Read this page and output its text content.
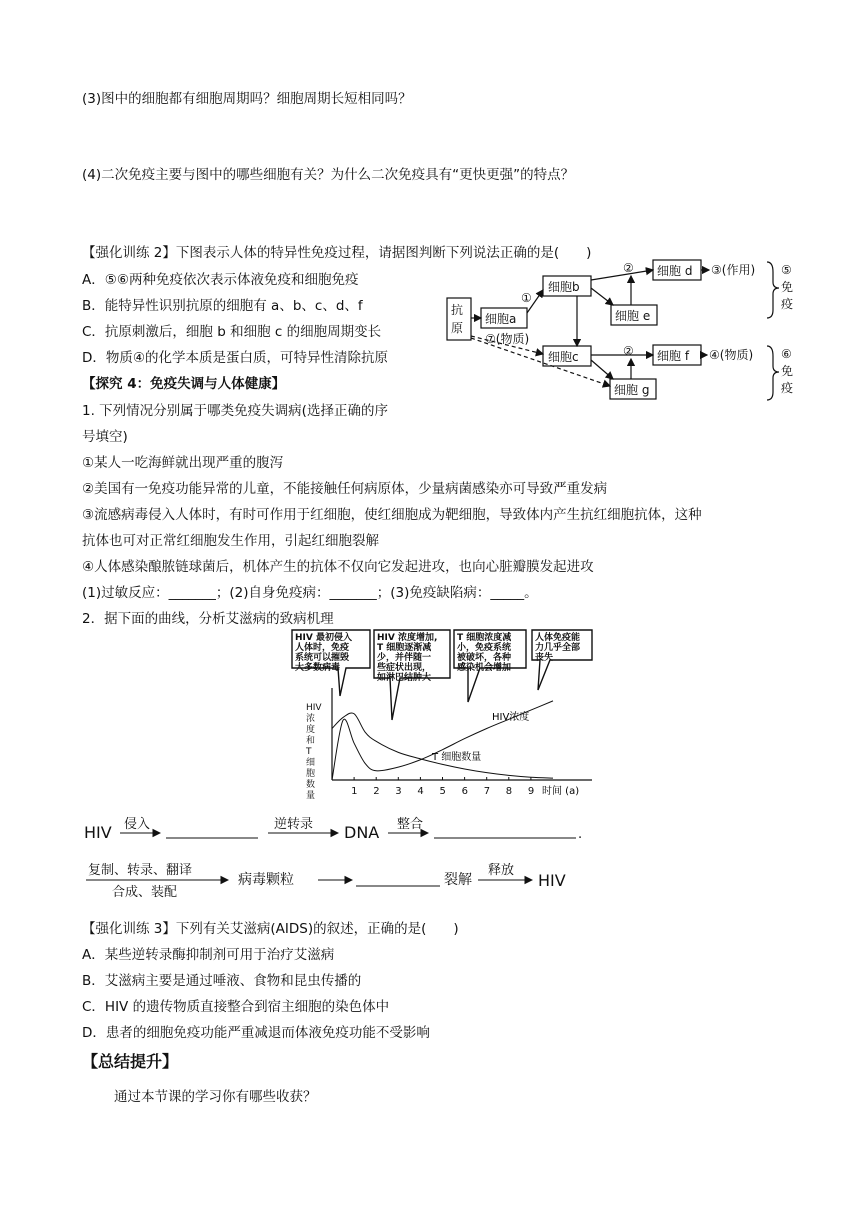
(3)图中的细胞都有细胞周期吗？细胞周期长短相同吗？
(4)二次免疫主要与图中的哪些细胞有关？为什么二次免疫具有“更快更强”的特点？
【强化训练 2】下图表示人体的特异性免疫过程，请据图判断下列说法正确的是(　　)
A．⑤⑥两种免疫依次表示体液免疫和细胞免疫
B．能特异性识别抗原的细胞有 a、b、c、d、f
C．抗原刺激后，细胞 b 和细胞 c 的细胞周期变长
D．物质④的化学本质是蛋白质，可特异性清除抗原
抗
原
细胞a
细胞b
细胞 e
细胞 d
细胞c	细胞 f
细胞 g
①
②
②
③(作用)
④(物质)
⑦(物质)
⑤
免
疫
⑥
免
疫
【探究 4：免疫失调与人体健康】
1. 下列情况分别属于哪类免疫失调病(选择正确的序
号填空)
①某人一吃海鲜就出现严重的腹泻
②美国有一免疫功能异常的儿童，不能接触任何病原体，少量病菌感染亦可导致严重发病
③流感病毒侵入人体时，有时可作用于红细胞，使红细胞成为靶细胞，导致体内产生抗红细胞抗体，这种
抗体也可对正常红细胞发生作用，引起红细胞裂解
④人体感染酿脓链球菌后，机体产生的抗体不仅向它发起进攻，也向心脏瓣膜发起进攻
(1)过敏反应：_______；(2)自身免疫病：_______；(3)免疫缺陷病：_____。
2．据下面的曲线，分析艾滋病的致病机理
HIV
浓
度
和
T
细
胞
数
量	1 2 3 4 5 6 7 8 9 时间 (a)
HIV浓度
T 细胞数量
HIV 最初侵入
人体时，免疫
系统可以摧毁
大多数病毒
HIV 浓度增加,
T 细胞逐渐减
少，并伴随一
些症状出现，
如淋巴结肿大
T 细胞浓度减
小，免疫系统
被破坏，各种
感染机会增加
人体免疫能
力几乎全部
丧失
HIV	DNA
HIV
侵入	逆转录	整合
.
复制、转录、翻译
合成、装配
病毒颗粒	裂解
释放
【强化训练 3】下列有关艾滋病(AIDS)的叙述，正确的是(　　)
A．某些逆转录酶抑制剂可用于治疗艾滋病
B．艾滋病主要是通过唾液、食物和昆虫传播的
C．HIV 的遗传物质直接整合到宿主细胞的染色体中
D．患者的细胞免疫功能严重减退而体液免疫功能不受影响
【总结提升】
通过本节课的学习你有哪些收获？
